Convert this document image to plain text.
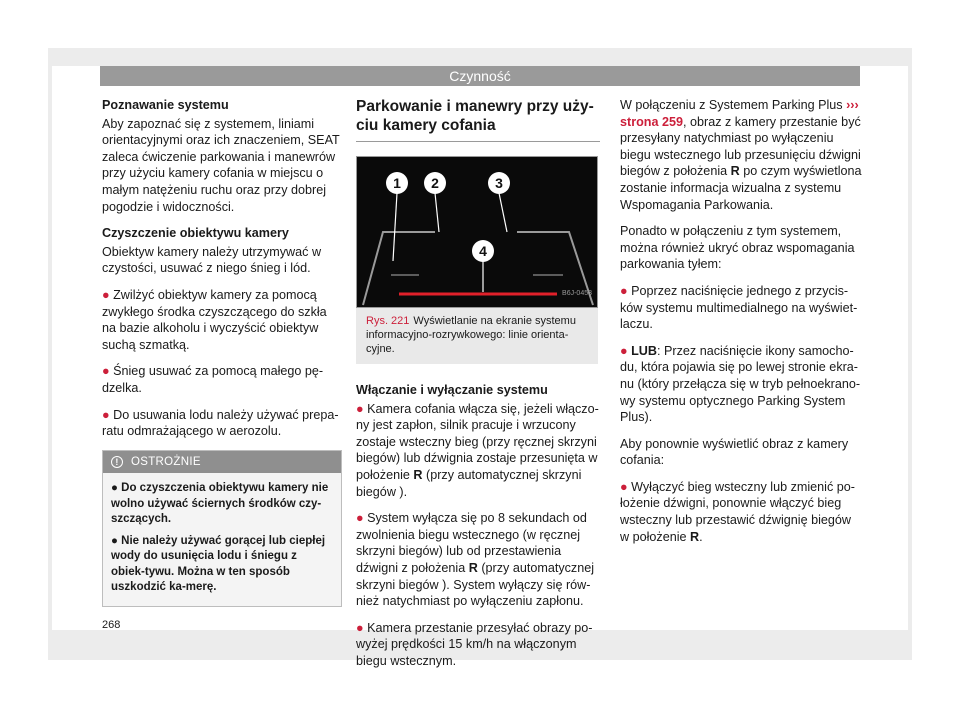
Czynność
Poznawanie systemu

Aby zapoznać się z systemem, liniami orientacyjnymi oraz ich znaczeniem, SEAT zaleca ćwiczenie parkowania i manewrów przy użyciu kamery cofania w miejscu o małym natężeniu ruchu oraz przy dobrej pogodzie i widoczności.

Czyszczenie obiektywu kamery

Obiektyw kamery należy utrzymywać w czystości, usuwać z niego śnieg i lód.

● Zwilżyć obiektyw kamery za pomocą zwykłego środka czyszczącego do szkła na bazie alkoholu i wyczyścić obiektyw suchą szmatką.

● Śnieg usuwać za pomocą małego pę-dzelka.

● Do usuwania lodu należy używać prepa-ratu odmrażającego w aerozolu.

!	OSTROŻNIE

● Do czyszczenia obiektywu kamery nie wolno używać ściernych środków czy-szczących.

● Nie należy używać gorącej lub ciepłej wody do usunięcia lodu i śniegu z obiek-tywu. Można w ten sposób uszkodzić ka-merę.

Parkowanie i manewry przy uży-ciu kamery cofania
1 2	3
4
B6J-0453
Rys. 221 Wyświetlanie na ekranie systemu informacyjno-rozrywkowego: linie orienta-cyjne.
Włączanie i wyłączanie systemu

● Kamera cofania włącza się, jeżeli włączo-ny jest zapłon, silnik pracuje i wrzucony zostaje wsteczny bieg (przy ręcznej skrzyni biegów) lub dźwignia zostaje przesunięta w położenie R (przy automatycznej skrzyni biegów ).

● System wyłącza się po 8 sekundach od zwolnienia biegu wstecznego (w ręcznej skrzyni biegów) lub od przestawienia dźwigni z położenia R (przy automatycznej skrzyni biegów ). System wyłączy się rów-nież natychmiast po wyłączeniu zapłonu.

● Kamera przestanie przesyłać obrazy po-wyżej prędkości 15 km/h na włączonym biegu wstecznym.

W połączeniu z Systemem Parking Plus ››› strona 259, obraz z kamery przestanie być przesyłany natychmiast po wyłączeniu biegu wstecznego lub przesunięciu dźwigni biegów z położenia R po czym wyświetlona zostanie informacja wizualna z systemu Wspomagania Parkowania.

Ponadto w połączeniu z tym systemem, można również ukryć obraz wspomagania parkowania tyłem:

● Poprzez naciśnięcie jednego z przycis-ków systemu multimedialnego na wyświet-laczu.

● LUB: Przez naciśnięcie ikony samocho-du, która pojawia się po lewej stronie ekra-nu (który przełącza się w tryb pełnoekrano-wy systemu optycznego Parking System Plus).

Aby ponownie wyświetlić obraz z kamery cofania:

● Wyłączyć bieg wsteczny lub zmienić po-łożenie dźwigni, ponownie włączyć bieg wsteczny lub przestawić dźwignię biegów w położenie R.

268
